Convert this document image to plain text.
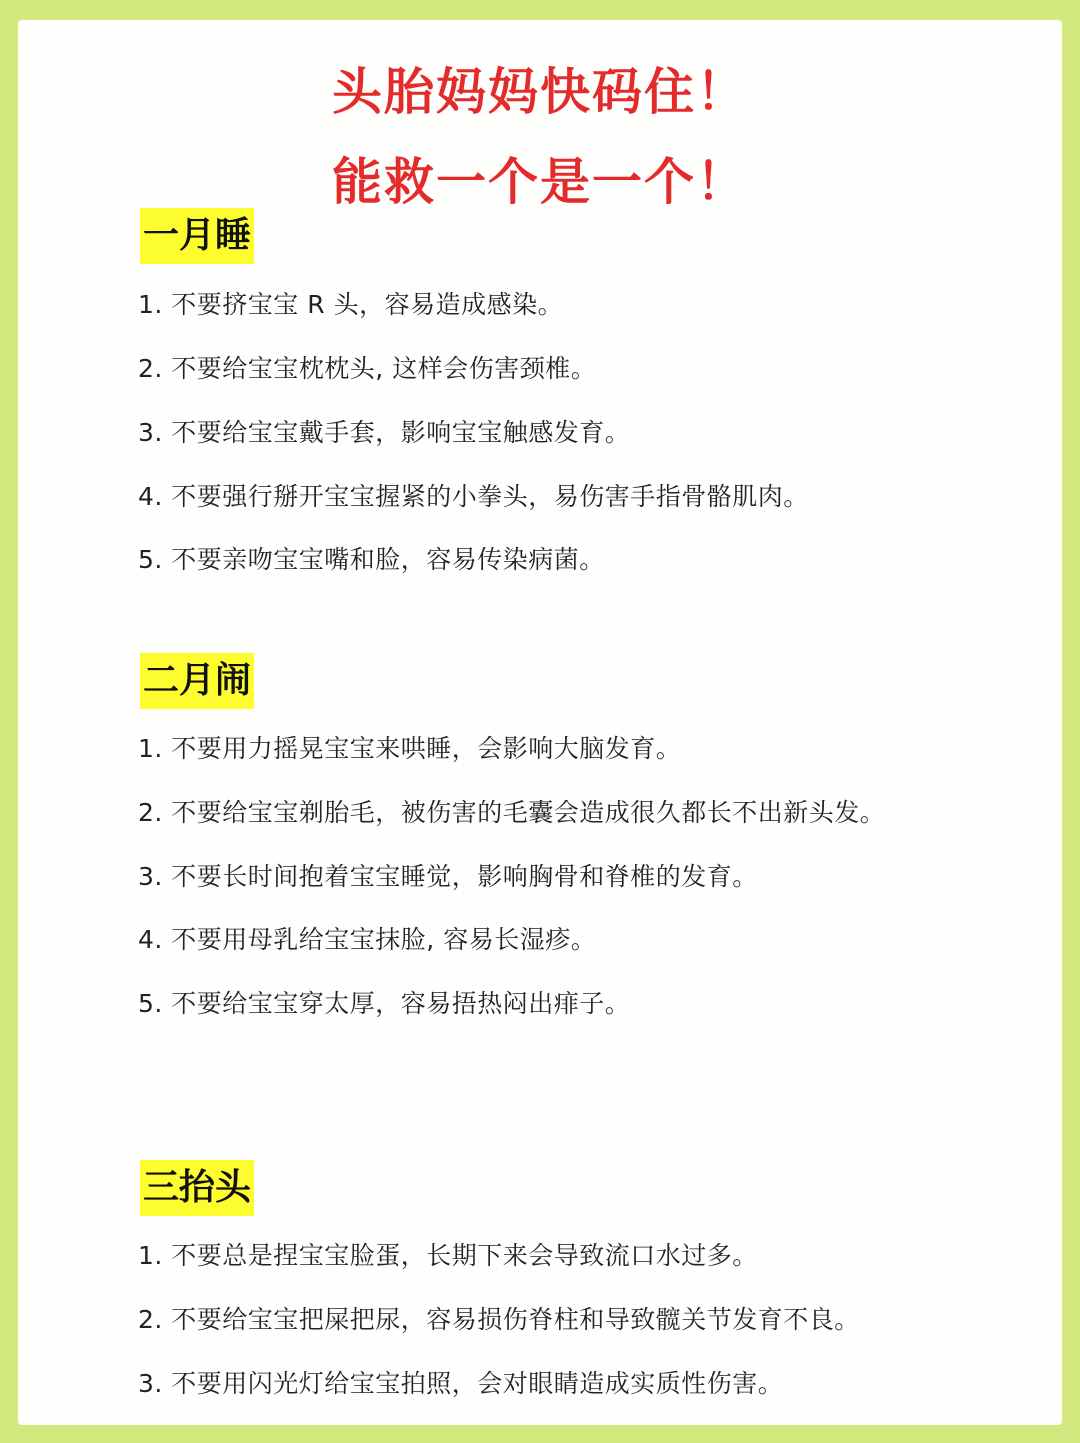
头胎妈妈快码住！
能救一个是一个！
一月睡
1. 不要挤宝宝 R 头，容易造成感染。
2. 不要给宝宝枕枕头, 这样会伤害颈椎。
3. 不要给宝宝戴手套，影响宝宝触感发育。
4. 不要强行掰开宝宝握紧的小拳头，易伤害手指骨骼肌肉。
5. 不要亲吻宝宝嘴和脸，容易传染病菌。
二月闹
1. 不要用力摇晃宝宝来哄睡，会影响大脑发育。
2. 不要给宝宝剃胎毛，被伤害的毛囊会造成很久都长不出新头发。
3. 不要长时间抱着宝宝睡觉，影响胸骨和脊椎的发育。
4. 不要用母乳给宝宝抹脸, 容易长湿疹。
5. 不要给宝宝穿太厚，容易捂热闷出痱子。
三抬头
1. 不要总是捏宝宝脸蛋，长期下来会导致流口水过多。
2. 不要给宝宝把屎把尿，容易损伤脊柱和导致髋关节发育不良。
3. 不要用闪光灯给宝宝拍照，会对眼睛造成实质性伤害。
